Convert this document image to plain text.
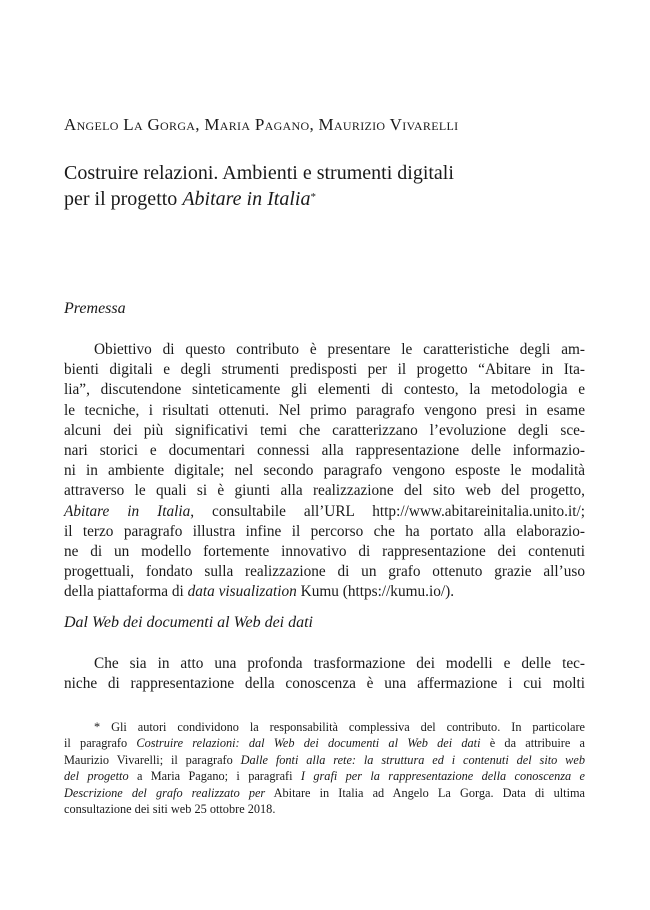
Angelo La Gorga, Maria Pagano, Maurizio Vivarelli
Costruire relazioni. Ambienti e strumenti digitali
per il progetto Abitare in Italia*
Premessa
Obiettivo di questo contributo è presentare le caratteristiche degli am-
bienti digitali e degli strumenti predisposti per il progetto “Abitare in Ita-
lia”, discutendone sinteticamente gli elementi di contesto, la metodologia e
le tecniche, i risultati ottenuti. Nel primo paragrafo vengono presi in esame
alcuni dei più significativi temi che caratterizzano l’evoluzione degli sce-
nari storici e documentari connessi alla rappresentazione delle informazio-
ni in ambiente digitale; nel secondo paragrafo vengono esposte le modalità
attraverso le quali si è giunti alla realizzazione del sito web del progetto,
Abitare in Italia, consultabile all’URL http://www.abitareinitalia.unito.it/;
il terzo paragrafo illustra infine il percorso che ha portato alla elaborazio-
ne di un modello fortemente innovativo di rappresentazione dei contenuti
progettuali, fondato sulla realizzazione di un grafo ottenuto grazie all’uso
della piattaforma di data visualization Kumu (https://kumu.io/).
Dal Web dei documenti al Web dei dati
Che sia in atto una profonda trasformazione dei modelli e delle tec-
niche di rappresentazione della conoscenza è una affermazione i cui molti
* Gli autori condividono la responsabilità complessiva del contributo. In particolare
il paragrafo Costruire relazioni: dal Web dei documenti al Web dei dati è da attribuire a
Maurizio Vivarelli; il paragrafo Dalle fonti alla rete: la struttura ed i contenuti del sito web
del progetto a Maria Pagano; i paragrafi I grafi per la rappresentazione della conoscenza e
Descrizione del grafo realizzato per Abitare in Italia ad Angelo La Gorga. Data di ultima
consultazione dei siti web 25 ottobre 2018.
